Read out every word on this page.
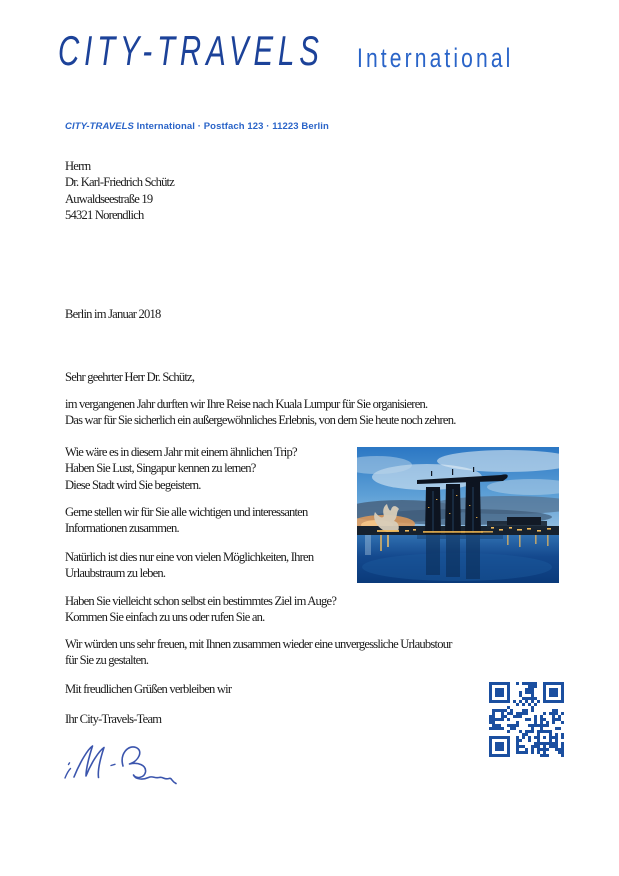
CITY-TRAVELS International
CITY-TRAVELS International · Postfach 123 · 11223 Berlin
Herrn
Dr. Karl-Friedrich Schütz
Auwaldseestraße 19
54321 Norendlich
Berlin im Januar 2018
Sehr geehrter Herr Dr. Schütz,
im vergangenen Jahr durften wir Ihre Reise nach Kuala Lumpur für Sie organisieren.
Das war für Sie sicherlich ein außergewöhnliches Erlebnis, von dem Sie heute noch zehren.
Wie wäre es in diesem Jahr mit einem ähnlichen Trip?
Haben Sie Lust, Singapur kennen zu lernen?
Diese Stadt wird Sie begeistern.
Gerne stellen wir für Sie alle wichtigen und interessanten
Informationen zusammen.
Natürlich ist dies nur eine von vielen Möglichkeiten, Ihren
Urlaubstraum zu leben.
Haben Sie vielleicht schon selbst ein bestimmtes Ziel im Auge?
Kommen Sie einfach zu uns oder rufen Sie an.
Wir würden uns sehr freuen, mit Ihnen zusammen wieder eine unvergessliche Urlaubstour
für Sie zu gestalten.
Mit freudlichen Grüßen verbleiben wir
Ihr City-Travels-Team
